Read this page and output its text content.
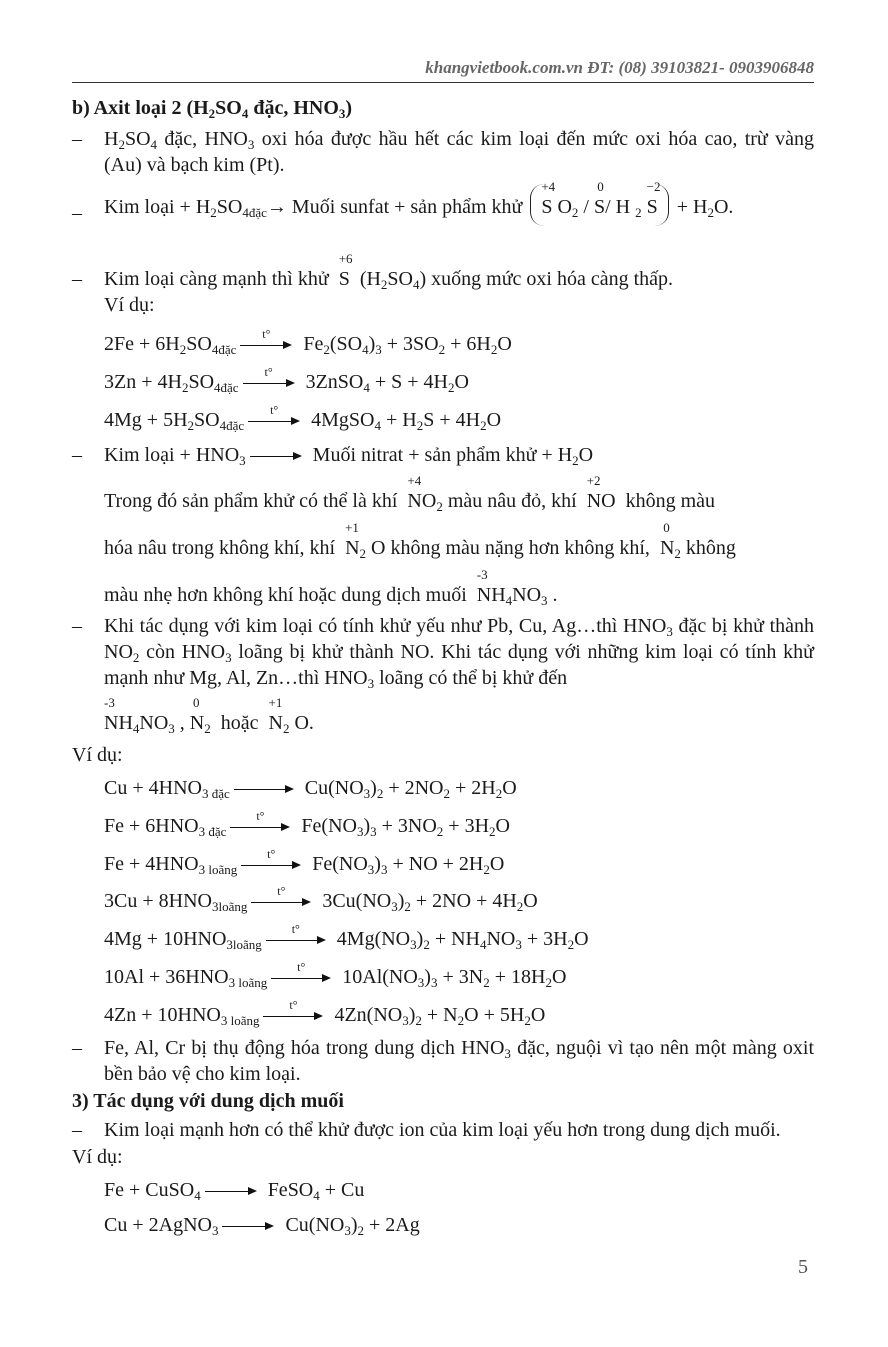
khangvietbook.com.vn ĐT: (08) 39103821- 0903906848
b) Axit loại 2 ($H_2SO_4$ đặc, $HNO_3$)
– $H_2SO_4$ đặc, $HNO_3$ oxi hóa được hầu hết các kim loại đến mức oxi hóa cao, trừ vàng (Au) và bạch kim (Pt).
– Kim loại + $H_2SO_{4đặc}\to$ Muối sunfat + sản phẩm khử
+4
S $O_2$ /
0
S/ H $_2$
−2
$S + H_2O$.
– Kim loại càng mạnh thì khử
+6
S  $(H_2SO_4)$ xuống mức oxi hóa càng thấp.
Ví dụ:
$2Fe + 6H_2SO_{4đặc}$
t°	$Fe_2(SO_4)_3 + 3SO_2 + 6H_2O$
$3Zn + 4H_2SO_{4đặc}$
t°	3ZnSO$_4$ + $S + 4H_2O$
$4Mg + 5H_2SO_{4đặc}$
t°	4MgSO$_4$ + $H_2S + 4H_2O$
– Kim loại + $HNO_3$	Muối nitrat + sản phẩm khử + $H_2O$
Trong đó sản phẩm khử có thể là khí
+4
$NO_2$ màu nâu đỏ, khí
+2
NO  không màu
hóa nâu trong không khí, khí
+1
$N_2$ O không màu nặng hơn không khí,
0
$N_2$ không
màu nhẹ hơn không khí hoặc dung dịch muối
-3
$NH_4NO_3$ .
– Khi tác dụng với kim loại có tính khử yếu như Pb, Cu, Ag…thì $HNO_3$ đặc bị khử thành $NO_2$ còn $HNO_3$ loãng bị khử thành NO. Khi tác dụng với những kim loại có tính khử mạnh như Mg, Al, Zn…thì $HNO_3$ loãng có thể bị khử đến
-3
$NH_4NO_3$ ,
0
$N_2$  hoặc
+1
$N_2$ O.
Ví dụ:
$Cu + 4HNO_{3 đặc}$	$Cu(NO_3)_2 + 2NO_2 + 2H_2O$
$Fe + 6HNO_{3 đặc}$
t°	$Fe(NO_3)_3 + 3NO_2 + 3H_2O$
$Fe + 4HNO_{3 loãng}$
t°	$Fe(NO_3)_3$ + NO + $2H_2O$
$3Cu + 8HNO_{3loãng}$
t°	$3Cu(NO_3)_2 + 2NO + 4H_2O$
$4Mg + 10HNO_{3loãng}$
t°	$4Mg(NO_3)_2 + NH_4NO_3 + 3H_2O$
$10Al + 36HNO_{3 loãng}$
t°	$10Al(NO_3)_3 + 3N_2 + 18H_2O$
$4Zn + 10HNO_{3 loãng}$
t°	$4Zn(NO_3)_2 + N_2O + 5H_2O$
– Fe, Al, Cr bị thụ động hóa trong dung dịch $HNO_3$ đặc, nguội vì tạo nên một màng oxit bền bảo vệ cho kim loại.
3) Tác dụng với dung dịch muối
– Kim loại mạnh hơn có thể khử được ion của kim loại yếu hơn trong dung dịch muối.
Ví dụ:
Fe + CuSO$_4$	FeSO$_4$ + Cu
Cu + 2AgNO$_3$	$Cu(NO_3)_2 + 2Ag$
5
